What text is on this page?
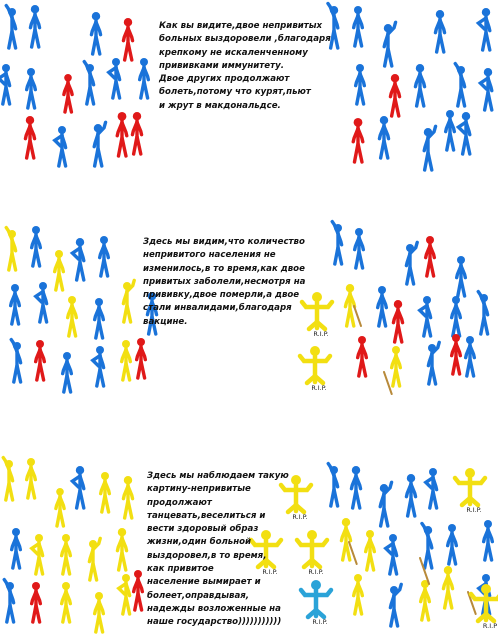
R.I.P.
R.I.P.
R.I.P.
R.I.P.
R.I.P.	R.I.P.
R.I.P.	R.I.P
Как вы видите,двое непривитых
больных выздоровели ,благодаря
крепкому не искаленченному
прививками иммунитету.
Двое других продолжают
болеть,потому что курят,пьют
и жрут в макдональдсе.
Здесь мы видим,что количество
непривитого населения не
изменилось,в то время,как двое
привитых заболели,несмотря на
прививку,двое померли,а двое
стали инвалидами,благодаря
вакцине.
Здесь мы наблюдаем такую
картину-непривитые
продолжают
танцевать,веселиться и
вести здоровый образ
жизни,один больной
выздоровел,в то время,
как привитое
население вымирает и
болеет,оправдывая,
надежды возложенные на
наше государство)))))))))))
